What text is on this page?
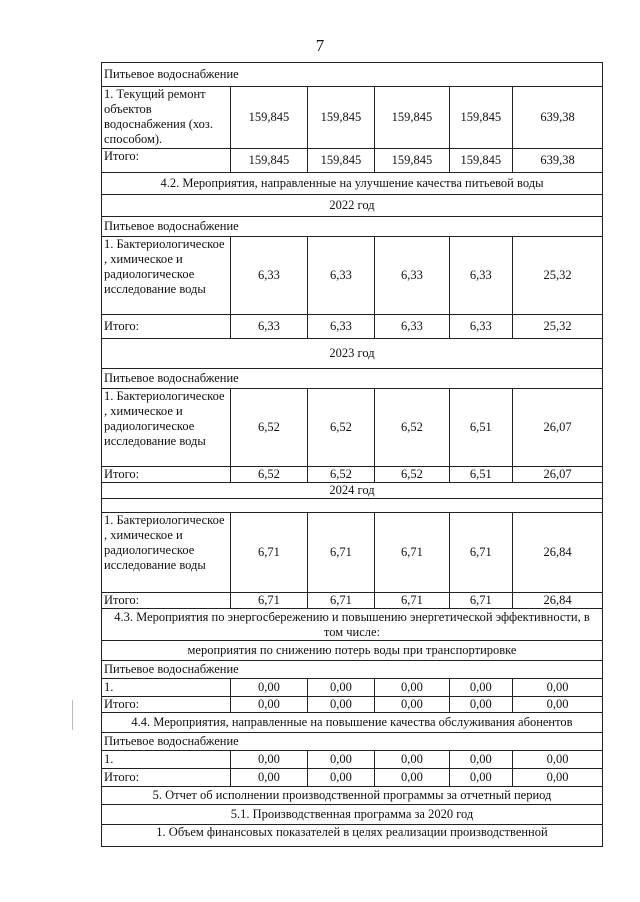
7
Питьевое водоснабжение					
1. Текущий ремонт объектов водоснабжения (хоз. способом).	159,845	159,845	159,845	159,845	639,38
Итого:	159,845	159,845	159,845	159,845	639,38
4.2. Мероприятия, направленные на улучшение качества питьевой воды					
2022 год					
Питьевое водоснабжение					
1. Бактериологическое , химическое и радиологическое исследование воды	6,33	6,33	6,33	6,33	25,32
Итого:	6,33	6,33	6,33	6,33	25,32
2023 год					
Питьевое водоснабжение					
1. Бактериологическое , химическое и радиологическое исследование воды	6,52	6,52	6,52	6,51	26,07
Итого:	6,52	6,52	6,52	6,51	26,07
2024 год					

1. Бактериологическое , химическое и радиологическое исследование воды	6,71	6,71	6,71	6,71	26,84
Итого:	6,71	6,71	6,71	6,71	26,84
4.3. Мероприятия по энергосбережению и повышению энергетической эффективности, в том числе:					
мероприятия по снижению потерь воды при транспортировке					
Питьевое водоснабжение					
1.	0,00	0,00	0,00	0,00	0,00
Итого:	0,00	0,00	0,00	0,00	0,00
4.4. Мероприятия, направленные на повышение качества обслуживания абонентов					
Питьевое водоснабжение					
1.	0,00	0,00	0,00	0,00	0,00
Итого:	0,00	0,00	0,00	0,00	0,00
5. Отчет об исполнении производственной программы за отчетный период					
5.1. Производственная программа за 2020 год					
1. Объем финансовых показателей в целях реализации производственной					
